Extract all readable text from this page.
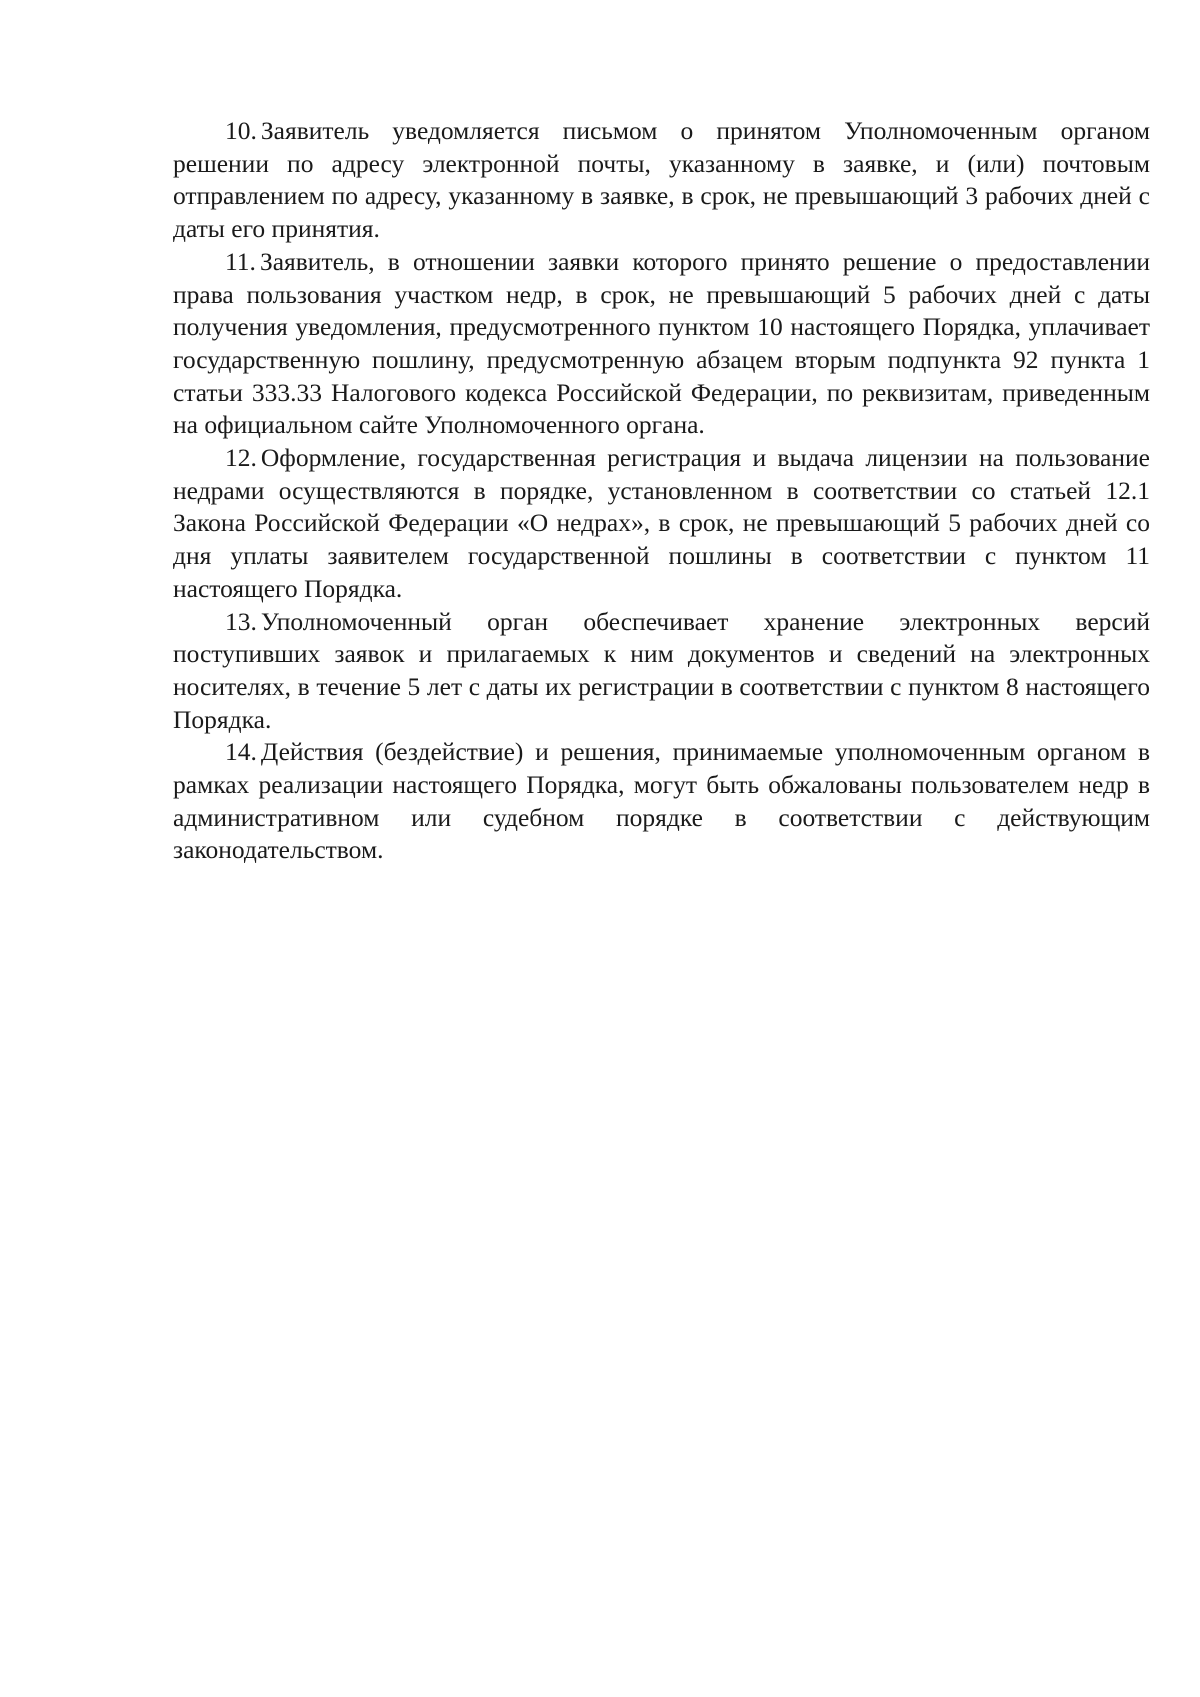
10. Заявитель уведомляется письмом о принятом Уполномоченным органом решении по адресу электронной почты, указанному в заявке, и (или) почтовым отправлением по адресу, указанному в заявке, в срок, не превышающий 3 рабочих дней с даты его принятия.

11. Заявитель, в отношении заявки которого принято решение о предоставлении права пользования участком недр, в срок, не превышающий 5 рабочих дней с даты получения уведомления, предусмотренного пунктом 10 настоящего Порядка, уплачивает государственную пошлину, предусмотренную абзацем вторым подпункта 92 пункта 1 статьи 333.33 Налогового кодекса Российской Федерации, по реквизитам, приведенным на официальном сайте Уполномоченного органа.

12. Оформление, государственная регистрация и выдача лицензии на пользование недрами осуществляются в порядке, установленном в соответствии со статьей 12.1 Закона Российской Федерации «О недрах», в срок, не превышающий 5 рабочих дней со дня уплаты заявителем государственной пошлины в соответствии с пунктом 11 настоящего Порядка.

13. Уполномоченный орган обеспечивает хранение электронных версий поступивших заявок и прилагаемых к ним документов и сведений на электронных носителях, в течение 5 лет с даты их регистрации в соответствии с пунктом 8 настоящего Порядка.

14. Действия (бездействие) и решения, принимаемые уполномоченным органом в рамках реализации настоящего Порядка, могут быть обжалованы пользователем недр в административном или судебном порядке в соответствии с действующим законодательством.
